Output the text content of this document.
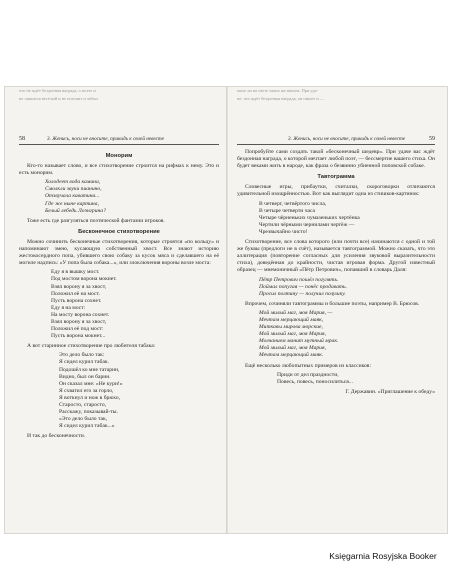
что не ждёт бездонная награда, о поэте и

не лишится весёлый и не потопит и забыл

58	3. Женись, носи не вносите, прикидь к своей невесте
Монорим

Кто-то называет слово, и все стихотворение строится на рифмах к нему. Это и есть монорим.

Холодеет вода камина,
Смолкли звуки пианино,
Отзвучала каватина...
Где же ныне картина,
Белый лебедь Лоэнгрина?

Тоже есть где разгуляться поэтической фантазии игроков.

Бесконечное стихотворение

Можно сочинить бесконечные стихотворения, которые строятся «по кольцу» и напоминают змею, кусающую собственный хвост. Все знают историю жестокосердного попа, убившего свою собаку за кусок мяса и сделавшего на её могиле надпись: «У попа была собака...», или злоключения вороны возле моста:

Еду я в вышку мост.
Под мостом ворона мокнет.
Взял ворону я за хвост,
Положил её на мост.
Пусть ворона сохнет.
Еду я на мост:
На мосту ворона сохнет.
Взял ворону я за хвост,
Положил её под мост:
Пусть ворона мокнет...

А вот старинное стихотворение про любителя табака:

Это дело было так:
Я сидел курил табак.
Подошёл ко мне татарин,
Видно, был он барин.
Он сказал мне: «Не кури!»
Я схватил его за горло,
Я воткнул и нож в брюхо,
Старосто, старосто,
Расскажу, показывай-ты.
«Это дело было так,
Я сидел курил табак...»

И так до бесконечности.

мало ли на свете таких же ввалов. При удо-

не, что ждёт бездонная награда, он пишет и —

3. Женись, носи не вносите, прикидь к своей невесте	59

Попробуйте сами создать такой «бесконечный шедевр». При удаче вас ждёт бездонная награда, о которой мечтает любой поэт, — бессмертие вашего стиха. Он будет веками жить в народе, как фраза о безвинно убиенной поповской собаке.

Тавтограмма

Словесные игры, прибаутки, считалки, скороговорки отличаются удивительной изощрённостью. Вот как выглядит одна из стишков-картинок:

В четверг, четвёртого числа,
В четыре четверти часа
Четыре чёрненьких чумазеньких чертёнка
Чертили чёрными чернилами чертёж —
Чрезвычайно чисто!

Стихотворение, все слова которого (или почти все) начинаются с одной и той же буквы (предлоги не в счёт), называется тавтограммой. Можно сказать, что это аллитерация (повторение согласных для усиления звуковой выразительности стиха), доведённая до крайности, чистая игровая форма. Другой известный образец — мнемоничный «Пётр Петрович», попавший в словарь Даля:

Пётр Петрович пошёл погулять.
Поймал попугая — понёс продавать.
Просил полтину — получил полушку.

Впрочем, сочиняли тавтограммы и большие поэты, например В. Брюсов.

Мой милый маг, моя Мария, —
Мечтам мерцающий маяк,
Миткавы мирова морские,
Мой милый маг, моя Мария,
Молчанием манит мутный мрак.
Мой милый маг, моя Мария,
Мечтам мерцающий маяк.

Ещё несколько любопытных примеров из классиков:

Приди от дел праздности,
Повесь, повесь, поносилиться...
Г. Державин. «Приглашение к обеду»
Księgarnia Rosyjska Booker
